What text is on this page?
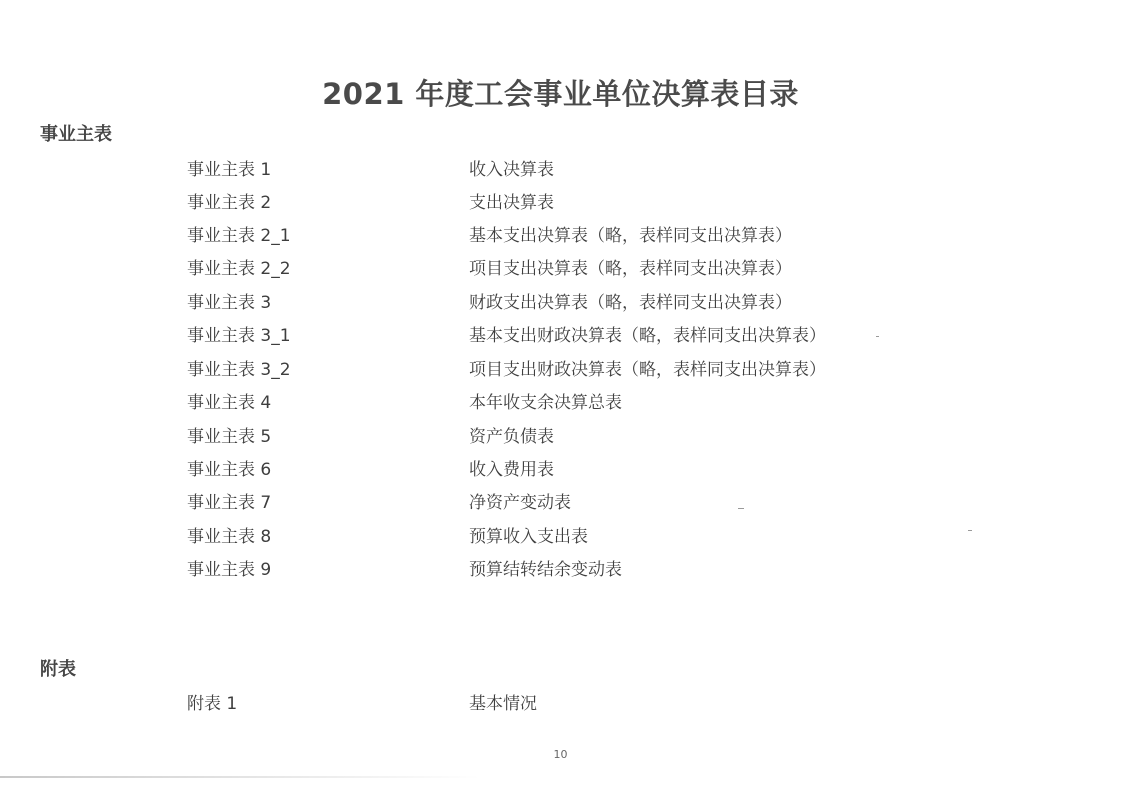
2021 年度工会事业单位决算表目录
事业主表
事业主表 1	收入决算表
事业主表 2	支出决算表
事业主表 2_1	基本支出决算表（略，表样同支出决算表）
事业主表 2_2	项目支出决算表（略，表样同支出决算表）
事业主表 3	财政支出决算表（略，表样同支出决算表）
事业主表 3_1	基本支出财政决算表（略，表样同支出决算表）
事业主表 3_2	项目支出财政决算表（略，表样同支出决算表）
事业主表 4	本年收支余决算总表
事业主表 5	资产负债表
事业主表 6	收入费用表
事业主表 7	净资产变动表
事业主表 8	预算收入支出表
事业主表 9	预算结转结余变动表
附表
附表 1	基本情况
10
